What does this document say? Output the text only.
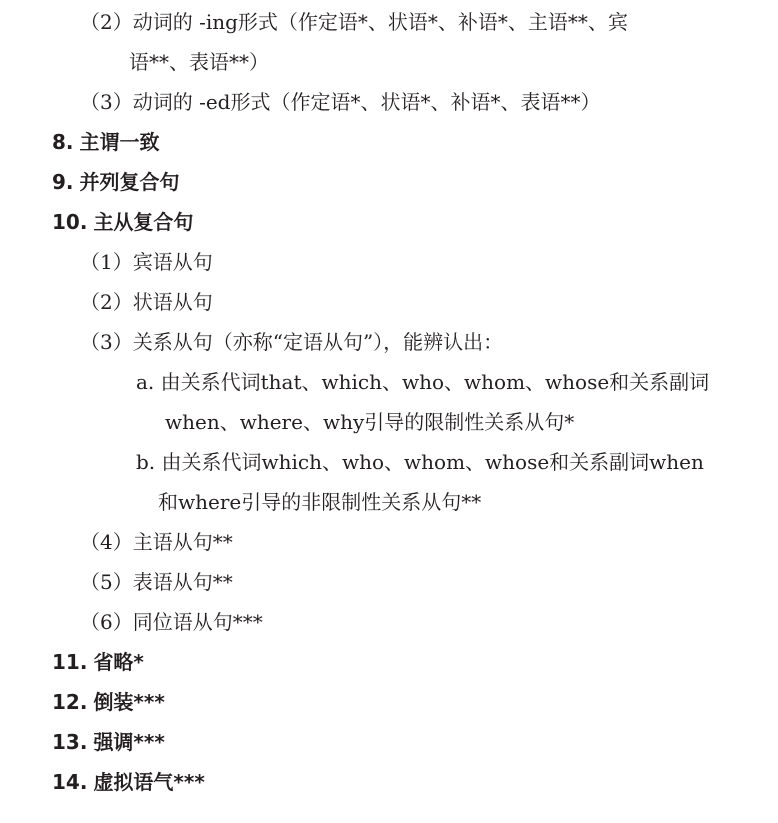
（2）动词的 -ing形式（作定语*、状语*、补语*、主语**、宾
语**、表语**）
（3）动词的 -ed形式（作定语*、状语*、补语*、表语**）
8. 主谓一致
9. 并列复合句
10. 主从复合句
（1）宾语从句
（2）状语从句
（3）关系从句（亦称“定语从句”），能辨认出：
a. 由关系代词that、which、who、whom、whose和关系副词
when、where、why引导的限制性关系从句*
b. 由关系代词which、who、whom、whose和关系副词when
和where引导的非限制性关系从句**
（4）主语从句**
（5）表语从句**
（6）同位语从句***
11. 省略*
12. 倒装***
13. 强调***
14. 虚拟语气***
